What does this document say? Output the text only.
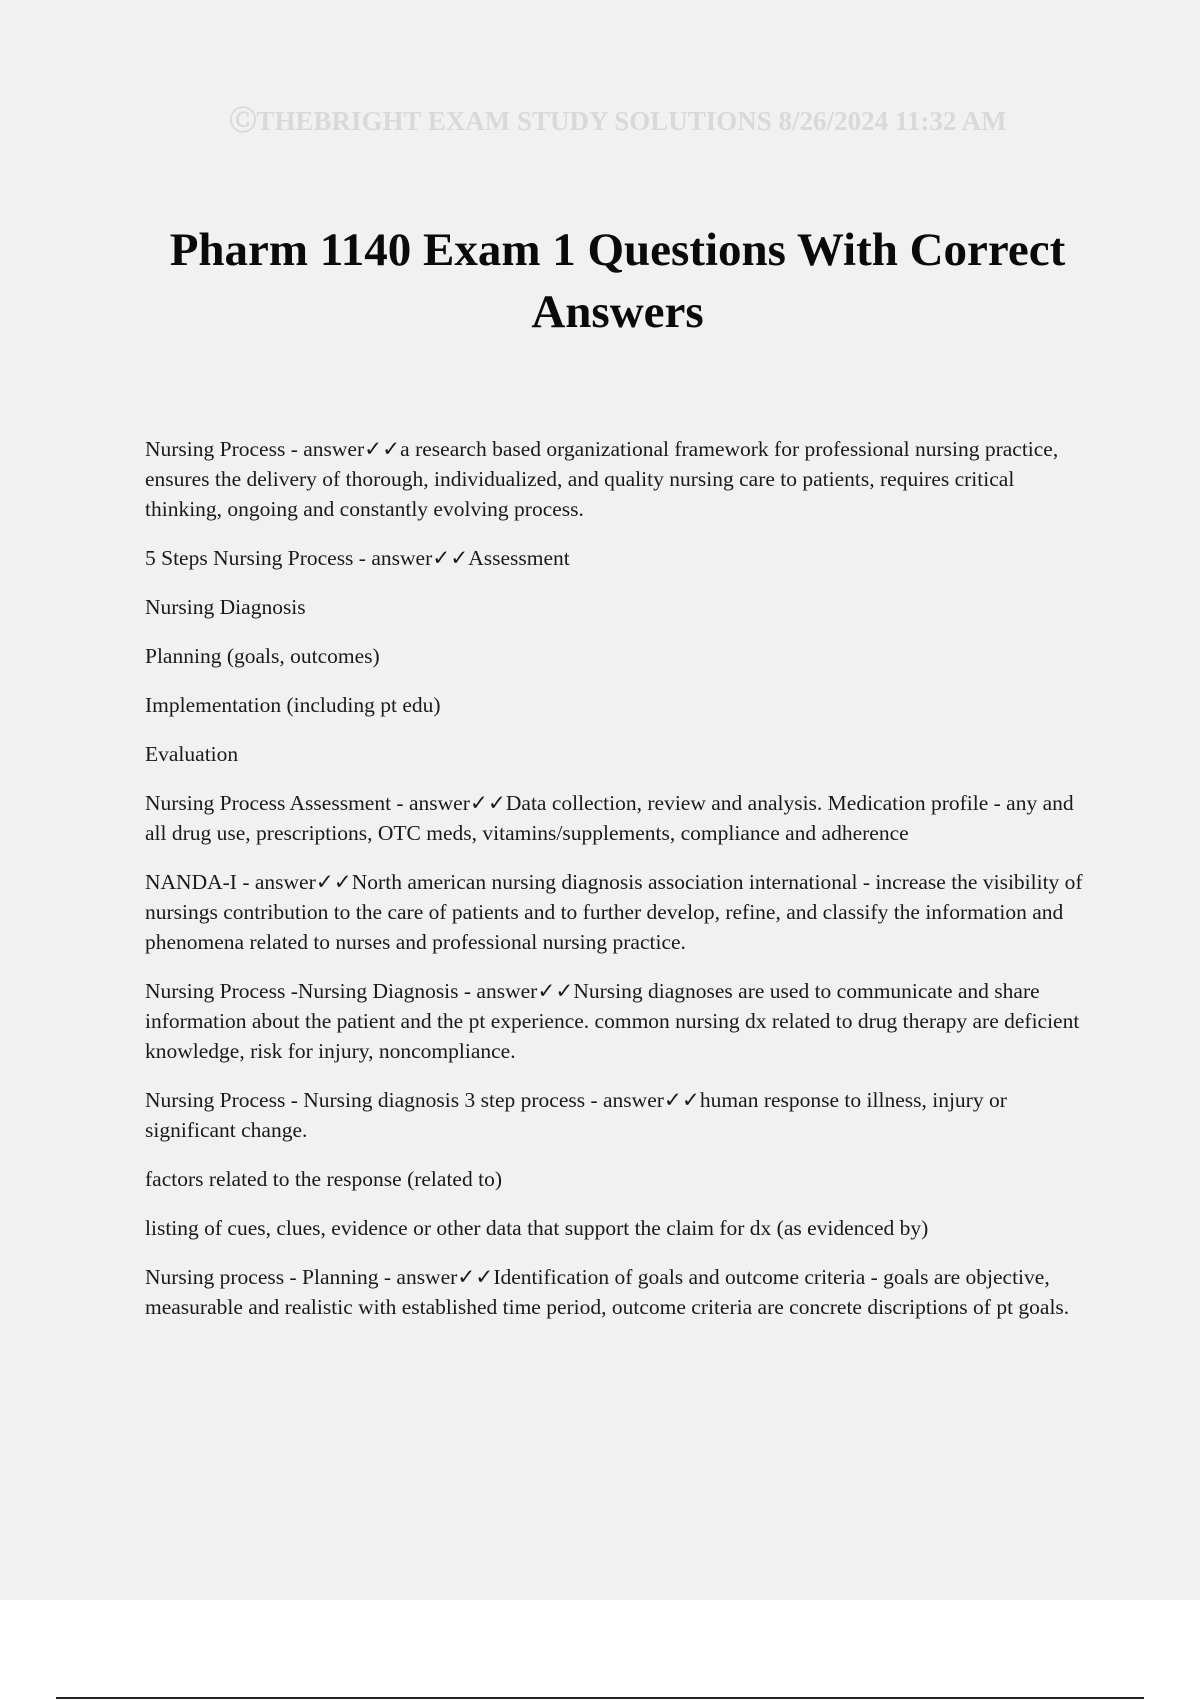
ⒸTHEBRIGHT EXAM STUDY SOLUTIONS 8/26/2024 11:32 AM
Pharm 1140 Exam 1 Questions With Correct Answers

Nursing Process - answer✓✓a research based organizational framework for professional nursing practice, ensures the delivery of thorough, individualized, and quality nursing care to patients, requires critical thinking, ongoing and constantly evolving process.

5 Steps Nursing Process - answer✓✓Assessment

Nursing Diagnosis

Planning (goals, outcomes)

Implementation (including pt edu)

Evaluation

Nursing Process Assessment - answer✓✓Data collection, review and analysis. Medication profile - any and all drug use, prescriptions, OTC meds, vitamins/supplements, compliance and adherence

NANDA-I - answer✓✓North american nursing diagnosis association international - increase the visibility of nursings contribution to the care of patients and to further develop, refine, and classify the information and phenomena related to nurses and professional nursing practice.

Nursing Process -Nursing Diagnosis - answer✓✓Nursing diagnoses are used to communicate and share information about the patient and the pt experience. common nursing dx related to drug therapy are deficient knowledge, risk for injury, noncompliance.

Nursing Process - Nursing diagnosis 3 step process - answer✓✓human response to illness, injury or significant change.

factors related to the response (related to)

listing of cues, clues, evidence or other data that support the claim for dx (as evidenced by)

Nursing process - Planning - answer✓✓Identification of goals and outcome criteria - goals are objective, measurable and realistic with established time period, outcome criteria are concrete discriptions of pt goals.
